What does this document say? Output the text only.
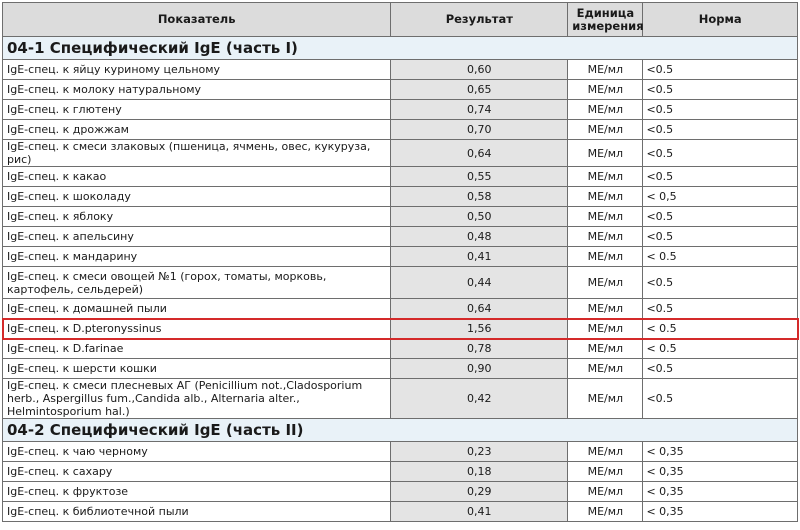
Показатель	Результат	Единица измерения	Норма
04-1 Специфический IgE (часть I)			
IgE-спец. к яйцу куриному цельному	0,60	МЕ/мл	<0.5
IgE-спец. к молоку натуральному	0,65	МЕ/мл	<0.5
IgE-спец. к глютену	0,74	МЕ/мл	<0.5
IgE-спец. к дрожжам	0,70	МЕ/мл	<0.5
IgE-спец. к смеси злаковых (пшеница, ячмень, овес, кукуруза, рис)	0,64	МЕ/мл	<0.5
IgE-спец. к какао	0,55	МЕ/мл	<0.5
IgE-спец. к шоколаду	0,58	МЕ/мл	< 0,5
IgE-спец. к яблоку	0,50	МЕ/мл	<0.5
IgE-спец. к апельсину	0,48	МЕ/мл	<0.5
IgE-спец. к мандарину	0,41	МЕ/мл	< 0.5
IgE-спец. к смеси овощей №1 (горох, томаты, морковь, картофель, сельдерей)	0,44	МЕ/мл	<0.5
IgE-спец. к домашней пыли	0,64	МЕ/мл	<0.5
IgE-спец. к D.pteronyssinus	1,56	МЕ/мл	< 0.5
IgE-спец. к D.farinae	0,78	МЕ/мл	< 0.5
IgE-спец. к шерсти кошки	0,90	МЕ/мл	<0.5
IgE-спец. к смеси плесневых АГ (Penicillium not.,Cladosporium herb., Aspergillus fum.,Candida alb., Alternaria alter., Helmintosporium hal.)	0,42	МЕ/мл	<0.5
04-2 Специфический IgE (часть II)			
IgE-спец. к чаю черному	0,23	МЕ/мл	< 0,35
IgE-спец. к сахару	0,18	МЕ/мл	< 0,35
IgE-спец. к фруктозе	0,29	МЕ/мл	< 0,35
IgE-спец. к библиотечной пыли	0,41	МЕ/мл	< 0,35
